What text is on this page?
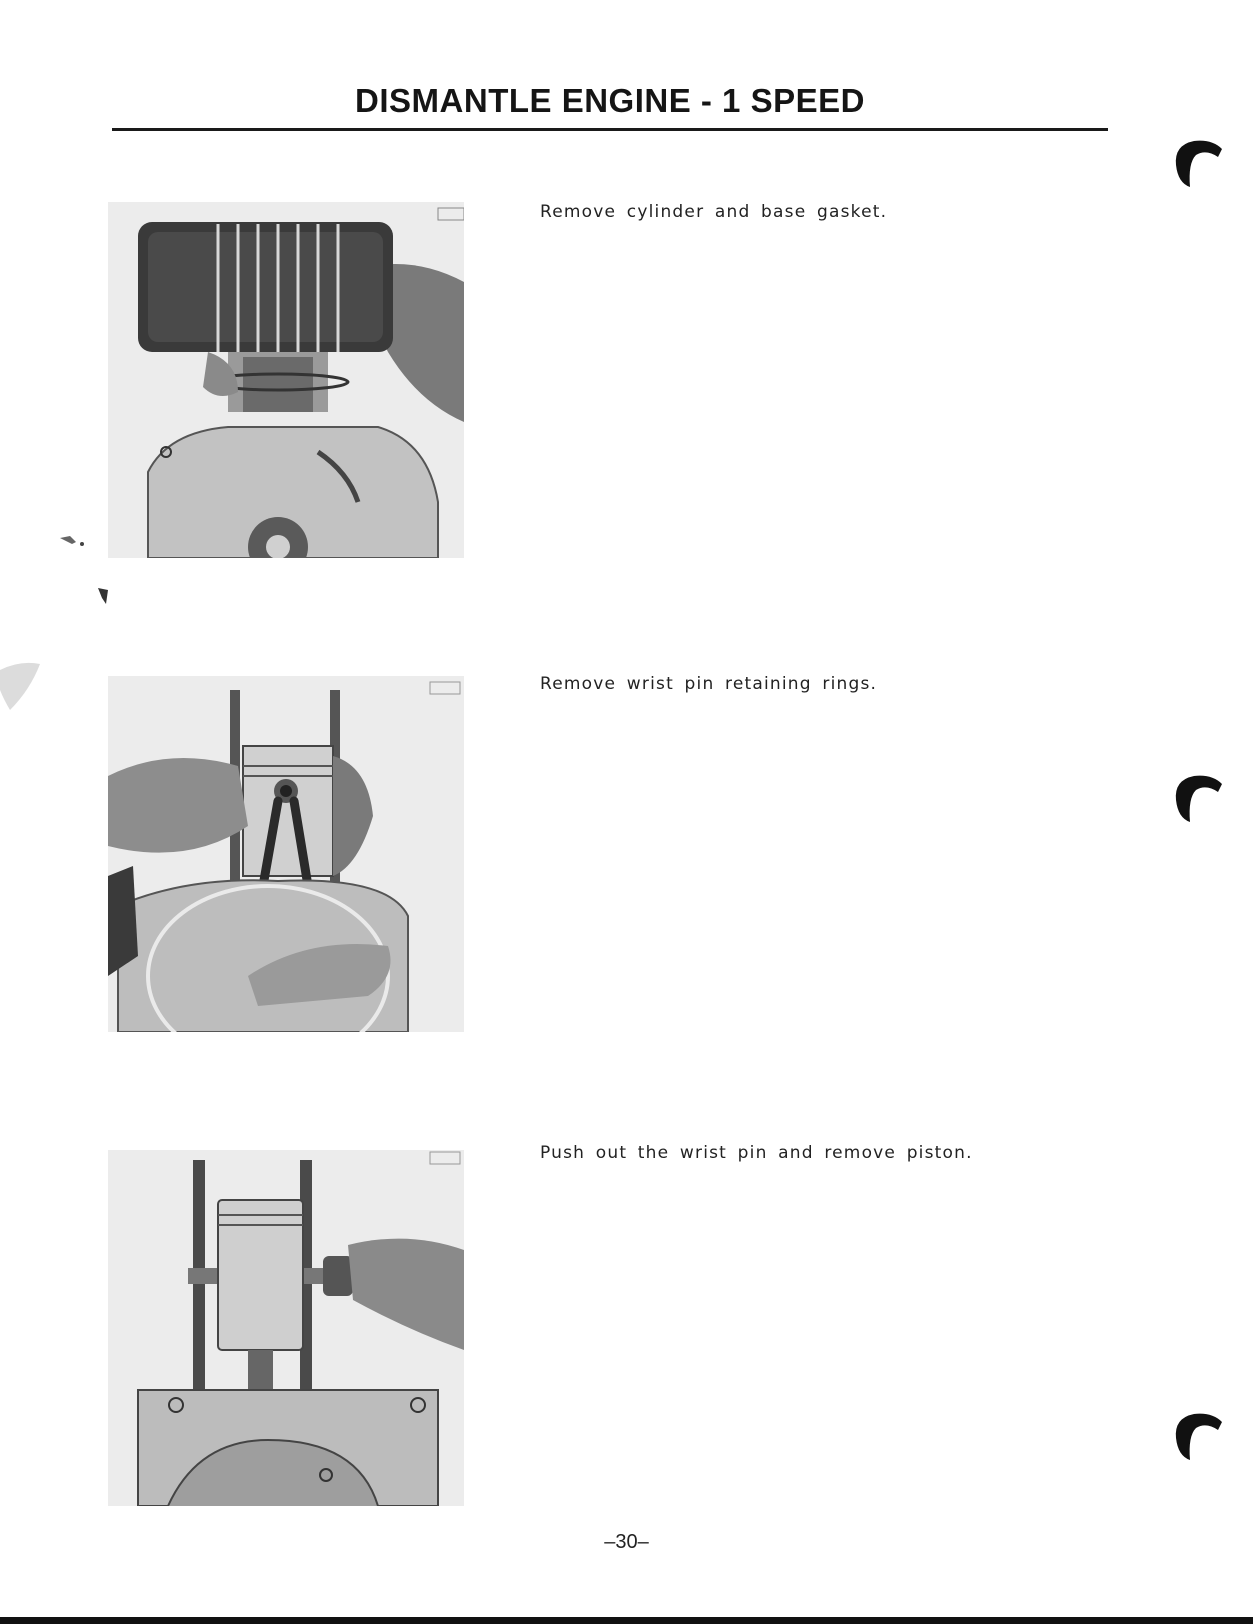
DISMANTLE ENGINE - 1 SPEED

Remove cylinder and base gasket.

Remove wrist pin retaining rings.

Push out the wrist pin and remove piston.

–30–
